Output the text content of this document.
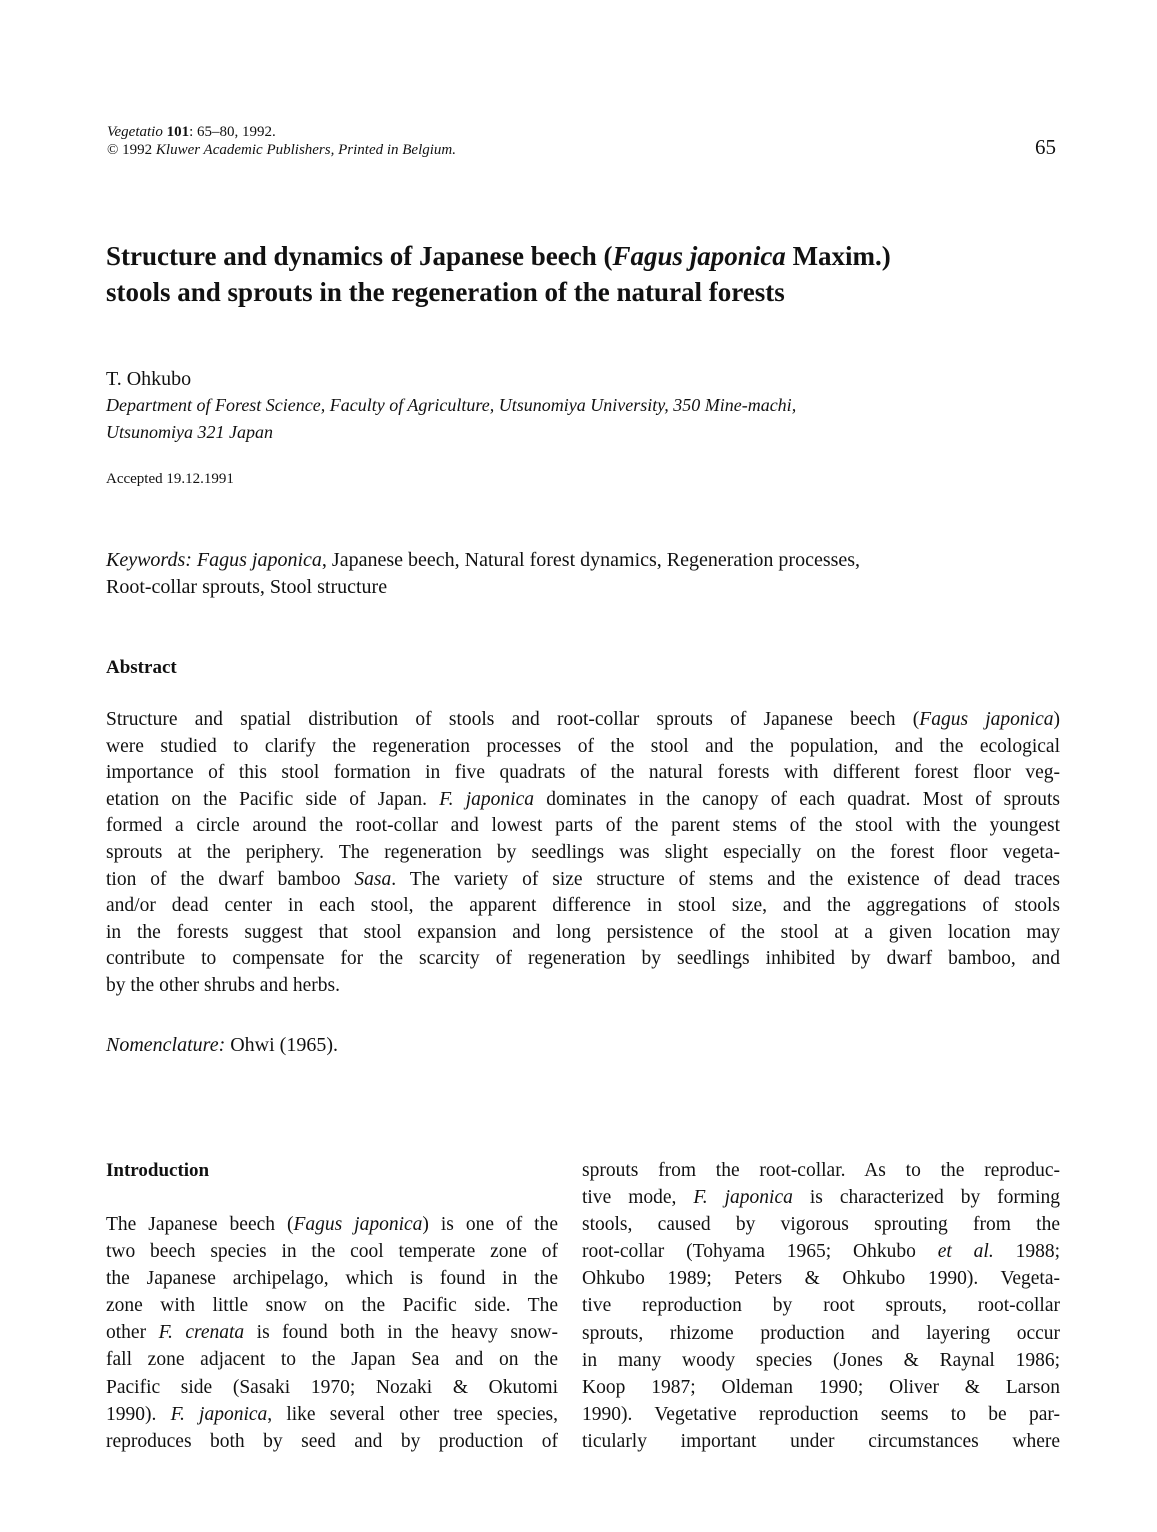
Vegetatio 101: 65–80, 1992.
© 1992 Kluwer Academic Publishers, Printed in Belgium.	65
Structure and dynamics of Japanese beech (Fagus japonica Maxim.)
stools and sprouts in the regeneration of the natural forests
T. Ohkubo
Department of Forest Science, Faculty of Agriculture, Utsunomiya University, 350 Mine-machi,
Utsunomiya 321 Japan
Accepted 19.12.1991
Keywords: Fagus japonica, Japanese beech, Natural forest dynamics, Regeneration processes,
Root-collar sprouts, Stool structure
Abstract
Structure and spatial distribution of stools and root-collar sprouts of Japanese beech (Fagus japonica)
were studied to clarify the regeneration processes of the stool and the population, and the ecological
importance of this stool formation in five quadrats of the natural forests with different forest floor veg-
etation on the Pacific side of Japan. F. japonica dominates in the canopy of each quadrat. Most of sprouts
formed a circle around the root-collar and lowest parts of the parent stems of the stool with the youngest
sprouts at the periphery. The regeneration by seedlings was slight especially on the forest floor vegeta-
tion of the dwarf bamboo Sasa. The variety of size structure of stems and the existence of dead traces
and/or dead center in each stool, the apparent difference in stool size, and the aggregations of stools
in the forests suggest that stool expansion and long persistence of the stool at a given location may
contribute to compensate for the scarcity of regeneration by seedlings inhibited by dwarf bamboo, and
by the other shrubs and herbs.
Nomenclature: Ohwi (1965).
Introduction
The Japanese beech (Fagus japonica) is one of the
two beech species in the cool temperate zone of
the Japanese archipelago, which is found in the
zone with little snow on the Pacific side. The
other F. crenata is found both in the heavy snow-
fall zone adjacent to the Japan Sea and on the
Pacific side (Sasaki 1970; Nozaki & Okutomi
1990). F. japonica, like several other tree species,
reproduces both by seed and by production of
sprouts from the root-collar. As to the reproduc-
tive mode, F. japonica is characterized by forming
stools, caused by vigorous sprouting from the
root-collar (Tohyama 1965; Ohkubo et al. 1988;
Ohkubo 1989; Peters & Ohkubo 1990). Vegeta-
tive reproduction by root sprouts, root-collar
sprouts, rhizome production and layering occur
in many woody species (Jones & Raynal 1986;
Koop 1987; Oldeman 1990; Oliver & Larson
1990). Vegetative reproduction seems to be par-
ticularly important under circumstances where
